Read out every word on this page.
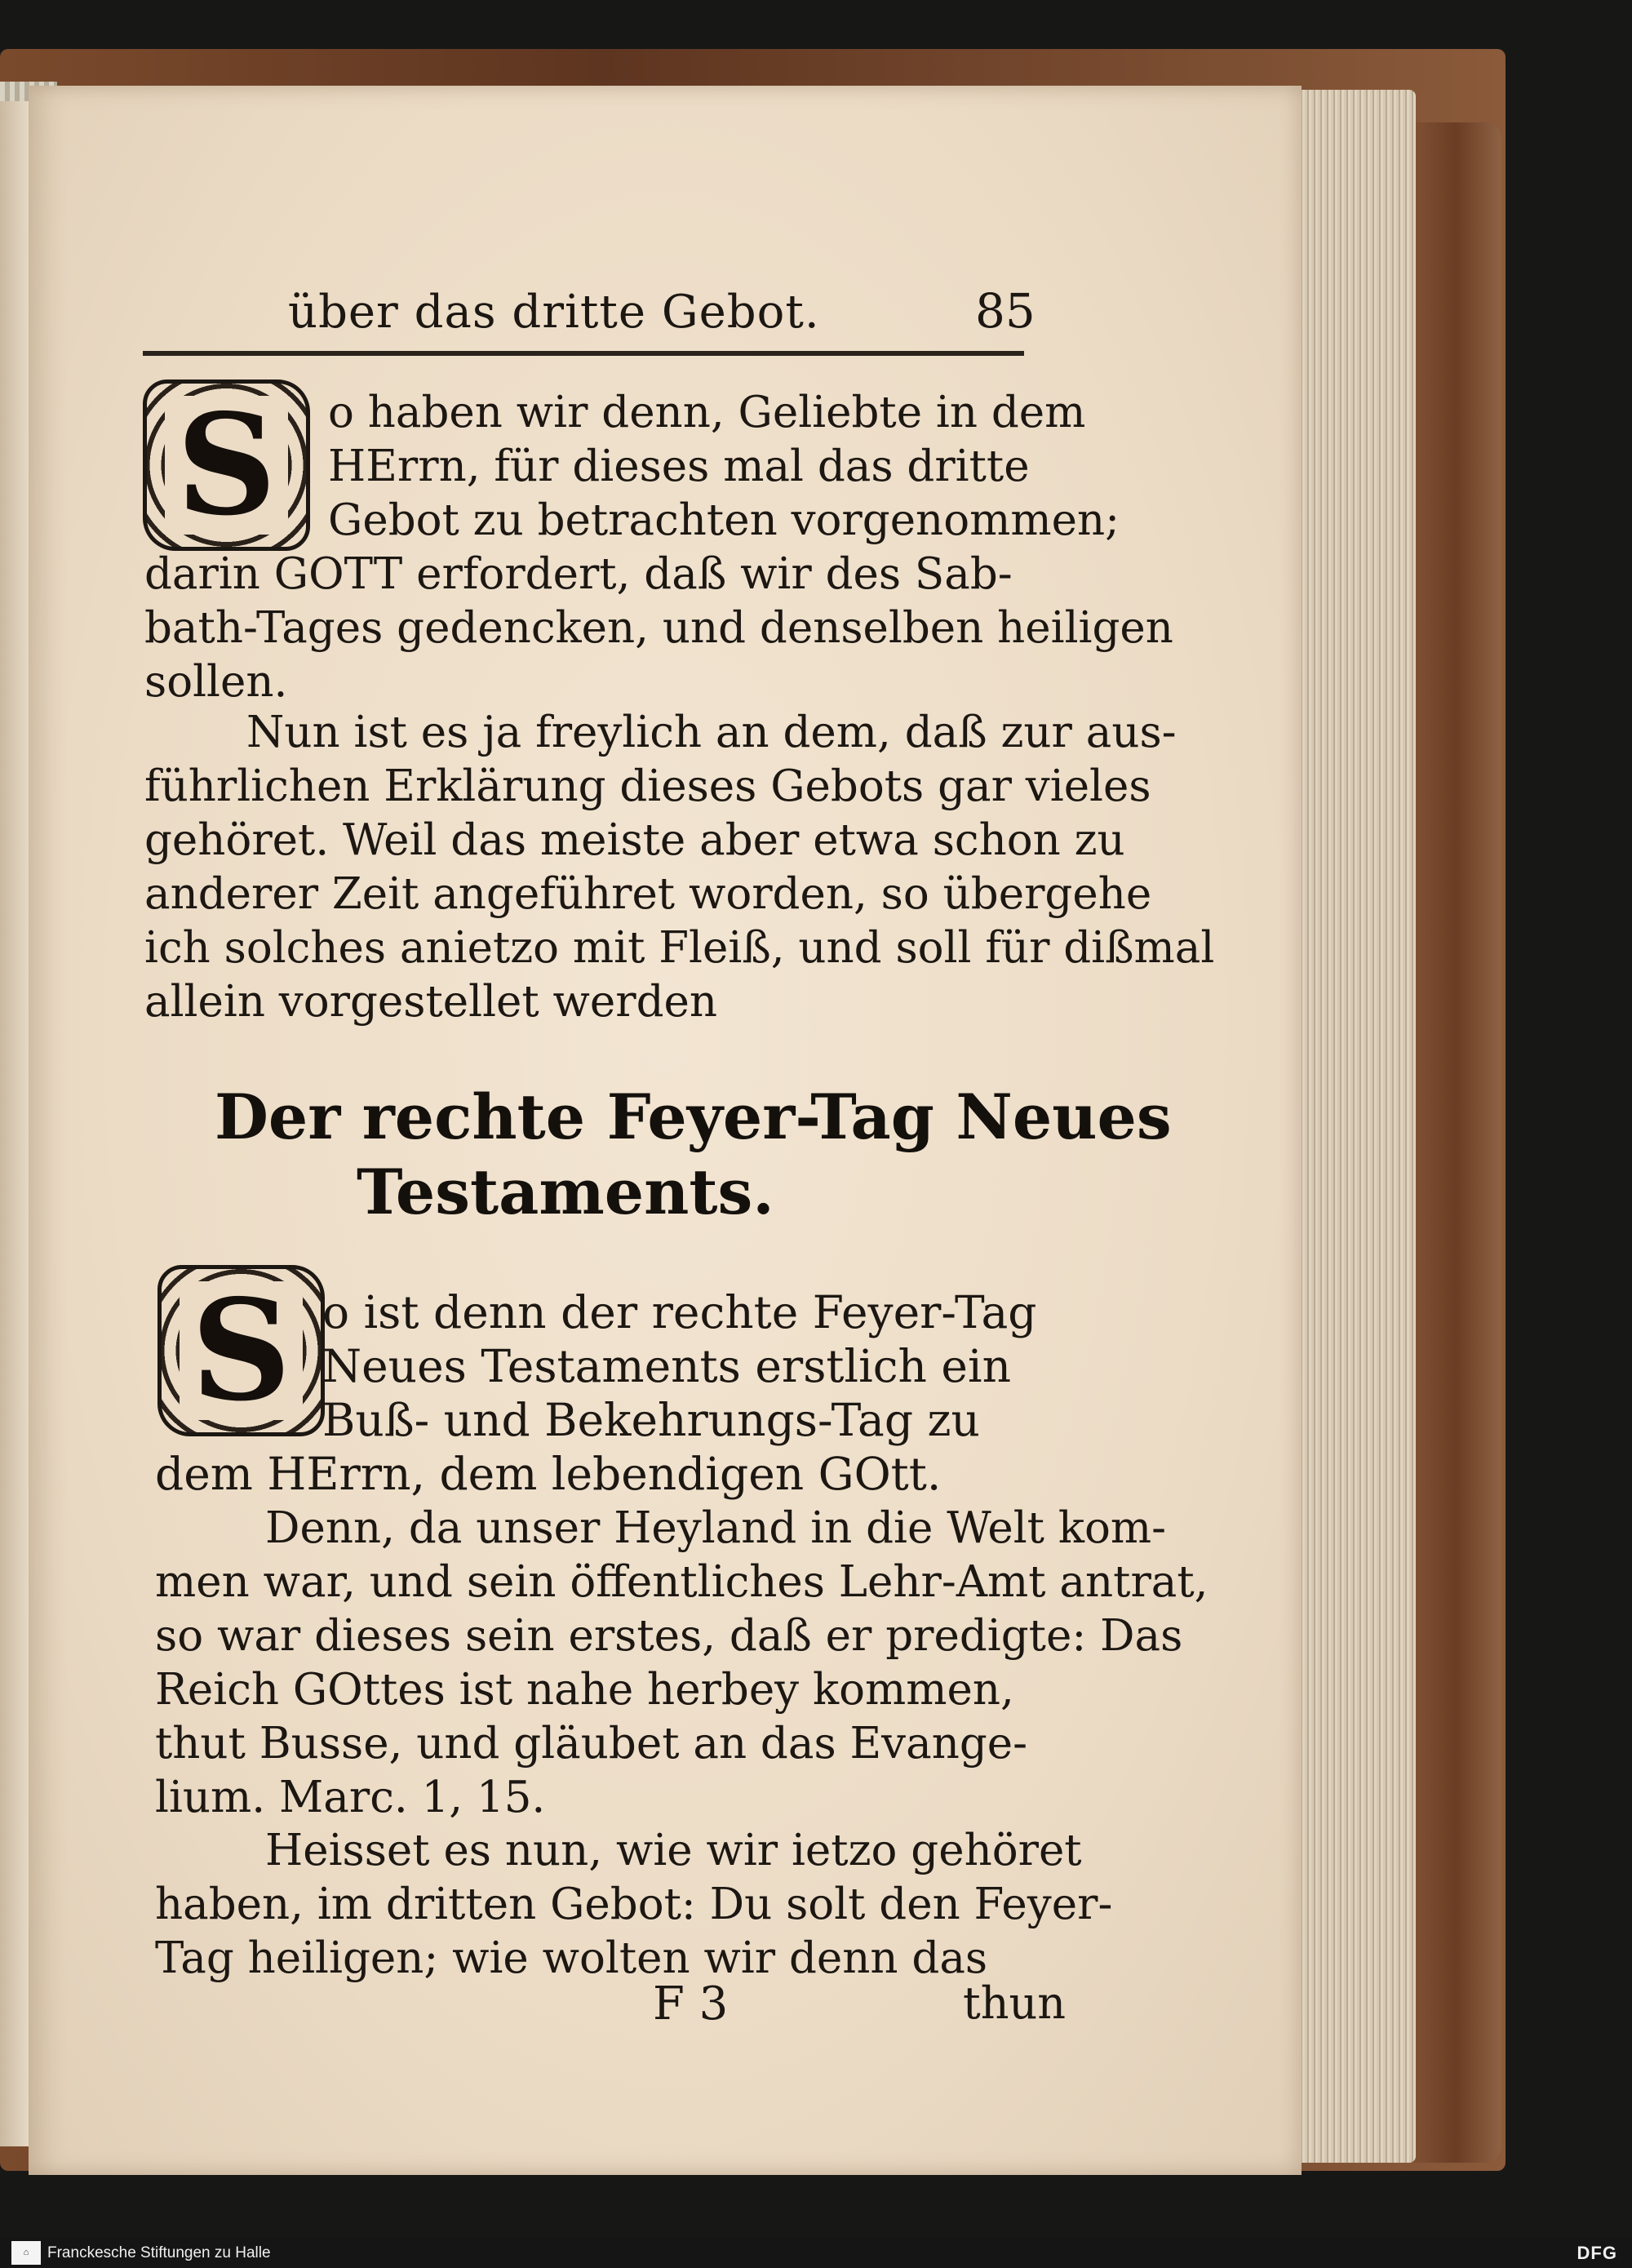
über das dritte Gebot.	85
S	o haben wir denn, Geliebte in dem
HErrn, für dieses mal das dritte
Gebot zu betrachten vorgenommen;
darin GOTT erfordert, daß wir des Sab-
bath-Tages gedencken, und denselben heiligen
sollen.
Nun ist es ja freylich an dem, daß zur aus-
führlichen Erklärung dieses Gebots gar vieles
gehöret. Weil das meiste aber etwa schon zu
anderer Zeit angeführet worden, so übergehe
ich solches anietzo mit Fleiß, und soll für dißmal
allein vorgestellet werden
Der rechte Feyer-Tag Neues
Testaments.
S o ist denn der rechte Feyer-Tag
Neues Testaments erstlich ein
Buß- und Bekehrungs-Tag zu
dem HErrn, dem lebendigen GOtt.
Denn, da unser Heyland in die Welt kom-
men war, und sein öffentliches Lehr-Amt antrat,
so war dieses sein erstes, daß er predigte: Das
Reich GOttes ist nahe herbey kommen,
thut Busse, und gläubet an das Evange-
lium. Marc. 1, 15.
Heisset es nun, wie wir ietzo gehöret
haben, im dritten Gebot: Du solt den Feyer-
Tag heiligen; wie wolten wir denn das
F 3	thun
⌂	Franckesche Stiftungen zu Halle	DFG
